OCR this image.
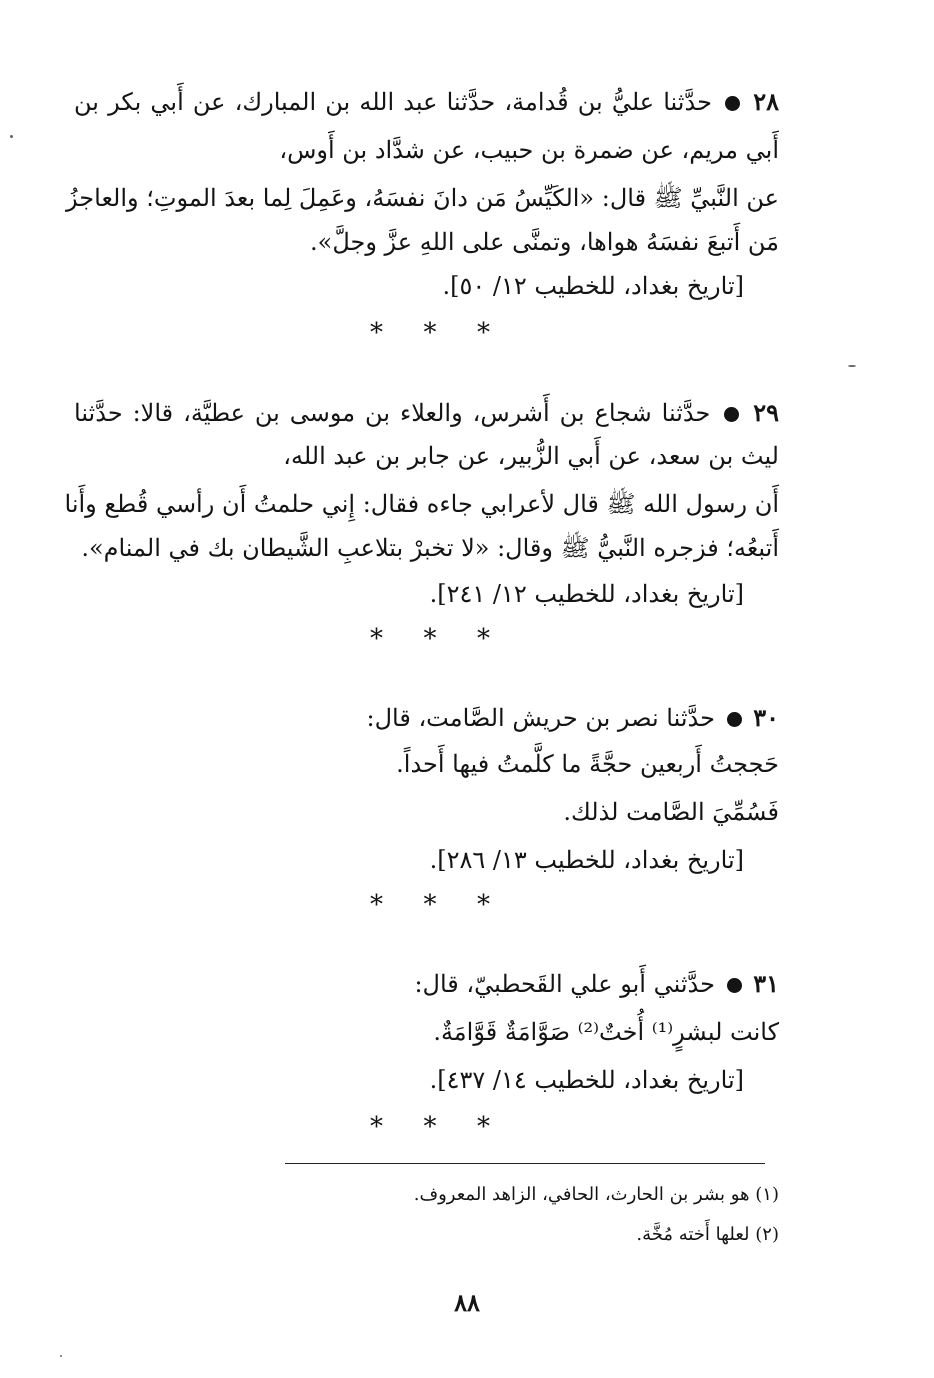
٢٨  حدَّثنا عليُّ بن قُدامة، حدَّثنا عبد الله بن المبارك، عن أَبي بكر بن
أَبي مريم، عن ضمرة بن حبيب، عن شدَّاد بن أَوس،
عن النَّبيِّ ﷺ قال: «الكَيِّسُ مَن دانَ نفسَهُ، وعَمِلَ لِما بعدَ الموتِ؛ والعاجزُ
مَن أَتبعَ نفسَهُ هواها، وتمنَّى على اللهِ عزَّ وجلَّ».
[تاريخ بغداد، للخطيب ١٢/ ٥٠].
* * *
٢٩  حدَّثنا شجاع بن أَشرس، والعلاء بن موسى بن عطيَّة، قالا: حدَّثنا
ليث بن سعد، عن أَبي الزُّبير، عن جابر بن عبد الله،
أَن رسول الله ﷺ قال لأعرابي جاءه فقال: إِني حلمتُ أَن رأسي قُطع وأَنا
أَتبعُه؛ فزجره النَّبيُّ ﷺ وقال: «لا تخبرْ بتلاعبِ الشَّيطان بك في المنام».
[تاريخ بغداد، للخطيب ١٢/ ٢٤١].
* * *
٣٠  حدَّثنا نصر بن حريش الصَّامت، قال:
حَججتُ أَربعين حجَّةً ما كلَّمتُ فيها أَحداً.
فَسُمِّيَ الصَّامت لذلك.
[تاريخ بغداد، للخطيب ١٣/ ٢٨٦].
* * *
٣١  حدَّثني أَبو علي القَحطبيّ، قال:
كانت لبشرٍ⁽¹⁾ أُختٌ⁽²⁾ صَوَّامَةٌ قَوَّامَةٌ.
[تاريخ بغداد، للخطيب ١٤/ ٤٣٧].
* * *
(١) هو بشر بن الحارث، الحافي، الزاهد المعروف.
(٢) لعلها أَخته مُخَّة.
٨٨
